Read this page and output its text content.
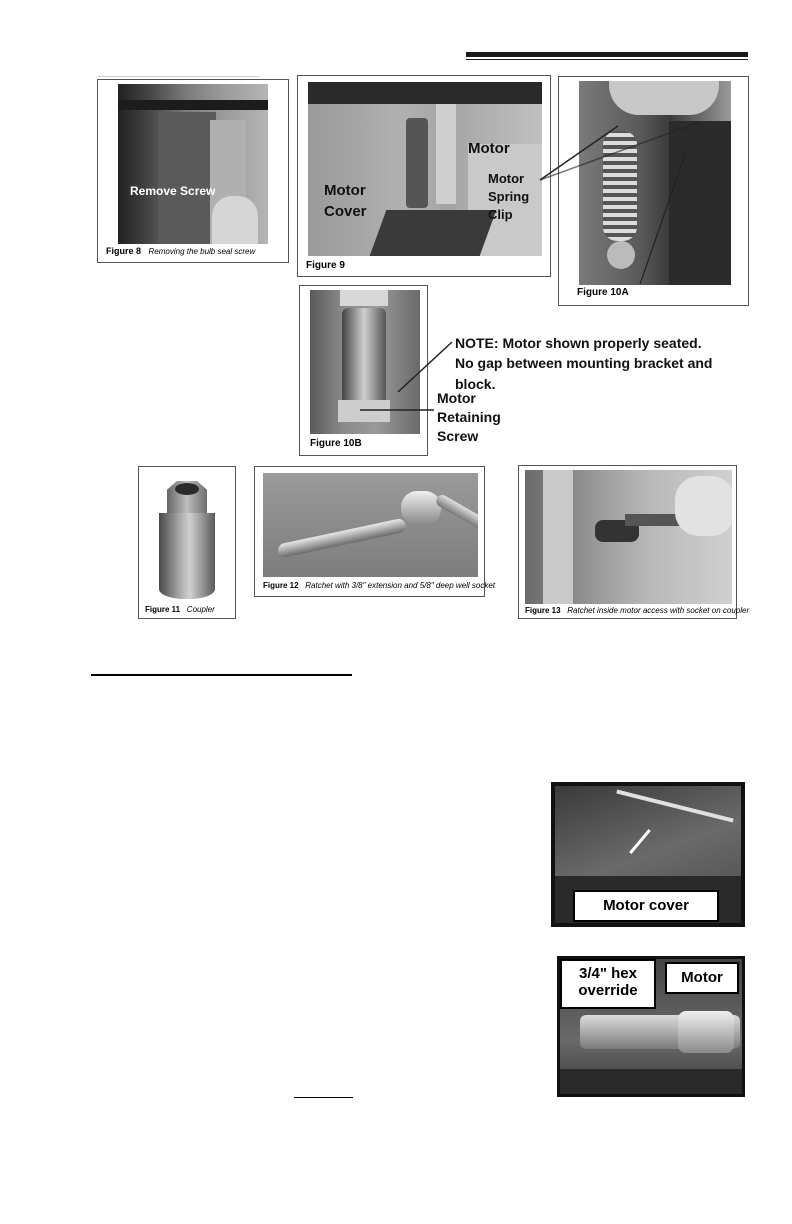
Remove Screw
Figure 8 Removing the bulb seal screw
Motor
Motor
Cover
Motor
Spring
Clip
Figure 9
Figure 10A
Figure 10B
NOTE: Motor shown properly seated.
No gap between mounting bracket and
block.
Motor
Retaining
Screw
Figure 11 Coupler
Figure 12 Ratchet with 3/8" extension and 5/8" deep well socket
Figure 13 Ratchet inside motor access with socket on coupler
Motor cover
3/4" hex
override
Motor
